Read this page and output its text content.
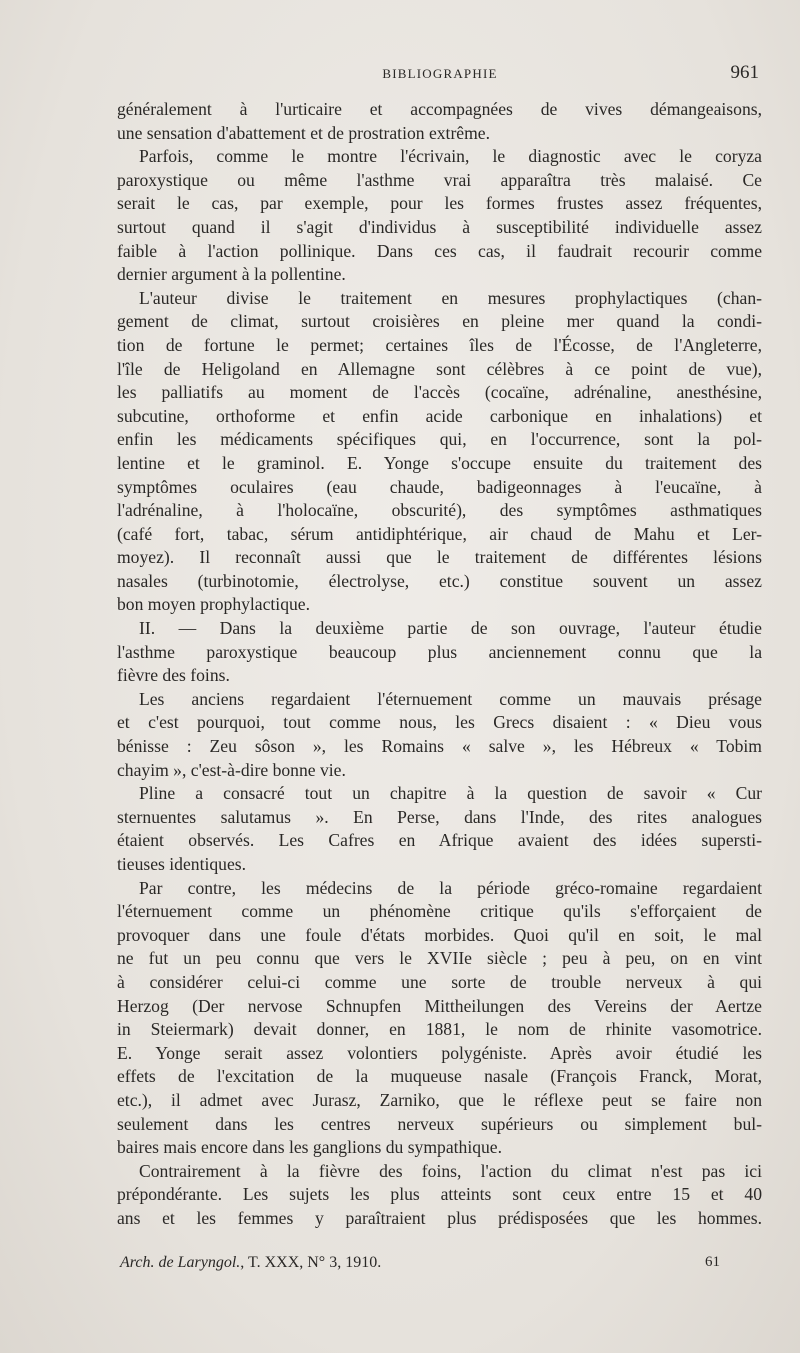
BIBLIOGRAPHIE	961
généralement à l'urticaire et accompagnées de vives démangeaisons,
une sensation d'abattement et de prostration extrême.
Parfois, comme le montre l'écrivain, le diagnostic avec le coryza
paroxystique ou même l'asthme vrai apparaîtra très malaisé. Ce
serait le cas, par exemple, pour les formes frustes assez fréquentes,
surtout quand il s'agit d'individus à susceptibilité individuelle assez
faible à l'action pollinique. Dans ces cas, il faudrait recourir comme
dernier argument à la pollentine.
L'auteur divise le traitement en mesures prophylactiques (chan-
gement de climat, surtout croisières en pleine mer quand la condi-
tion de fortune le permet; certaines îles de l'Écosse, de l'Angleterre,
l'île de Heligoland en Allemagne sont célèbres à ce point de vue),
les palliatifs au moment de l'accès (cocaïne, adrénaline, anesthésine,
subcutine, orthoforme et enfin acide carbonique en inhalations) et
enfin les médicaments spécifiques qui, en l'occurrence, sont la pol-
lentine et le graminol. E. Yonge s'occupe ensuite du traitement des
symptômes oculaires (eau chaude, badigeonnages à l'eucaïne, à
l'adrénaline, à l'holocaïne, obscurité), des symptômes asthmatiques
(café fort, tabac, sérum antidiphtérique, air chaud de Mahu et Ler-
moyez). Il reconnaît aussi que le traitement de différentes lésions
nasales (turbinotomie, électrolyse, etc.) constitue souvent un assez
bon moyen prophylactique.
II. — Dans la deuxième partie de son ouvrage, l'auteur étudie
l'asthme paroxystique beaucoup plus anciennement connu que la
fièvre des foins.
Les anciens regardaient l'éternuement comme un mauvais présage
et c'est pourquoi, tout comme nous, les Grecs disaient : « Dieu vous
bénisse : Zeu sôson », les Romains « salve », les Hébreux « Tobim
chayim », c'est-à-dire bonne vie.
Pline a consacré tout un chapitre à la question de savoir « Cur
sternuentes salutamus ». En Perse, dans l'Inde, des rites analogues
étaient observés. Les Cafres en Afrique avaient des idées supersti-
tieuses identiques.
Par contre, les médecins de la période gréco-romaine regardaient
l'éternuement comme un phénomène critique qu'ils s'efforçaient de
provoquer dans une foule d'états morbides. Quoi qu'il en soit, le mal
ne fut un peu connu que vers le XVIIe siècle ; peu à peu, on en vint
à considérer celui-ci comme une sorte de trouble nerveux à qui
Herzog (Der nervose Schnupfen Mittheilungen des Vereins der Aertze
in Steiermark) devait donner, en 1881, le nom de rhinite vasomotrice.
E. Yonge serait assez volontiers polygéniste. Après avoir étudié les
effets de l'excitation de la muqueuse nasale (François Franck, Morat,
etc.), il admet avec Jurasz, Zarniko, que le réflexe peut se faire non
seulement dans les centres nerveux supérieurs ou simplement bul-
baires mais encore dans les ganglions du sympathique.
Contrairement à la fièvre des foins, l'action du climat n'est pas ici
prépondérante. Les sujets les plus atteints sont ceux entre 15 et 40
ans et les femmes y paraîtraient plus prédisposées que les hommes.
Arch. de Laryngol., T. XXX, N° 3, 1910.	61
